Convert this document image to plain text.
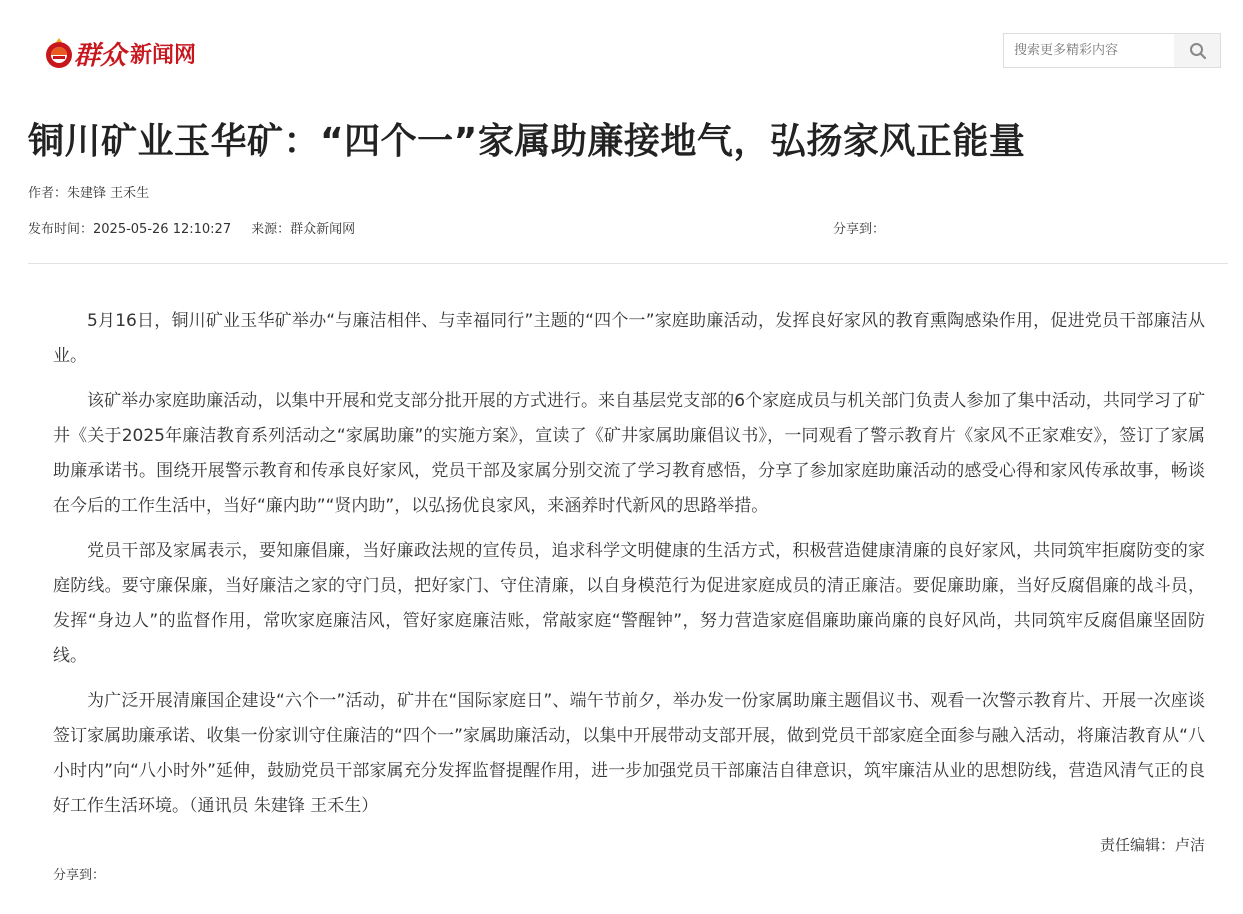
群众 新闻网
搜索更多精彩内容
铜川矿业玉华矿：“四个一”家属助廉接地气，弘扬家风正能量
作者：朱建锋 王禾生
发布时间：2025-05-26 12:10:27 来源：群众新闻网	分享到：

5月16日，铜川矿业玉华矿举办“与廉洁相伴、与幸福同行”主题的“四个一”家庭助廉活动，发挥良好家风的教育熏陶感染作用，促进党员干部廉洁从业。

该矿举办家庭助廉活动，以集中开展和党支部分批开展的方式进行。来自基层党支部的6个家庭成员与机关部门负责人参加了集中活动，共同学习了矿井《关于2025年廉洁教育系列活动之“家属助廉”的实施方案》，宣读了《矿井家属助廉倡议书》，一同观看了警示教育片《家风不正家难安》，签订了家属助廉承诺书。围绕开展警示教育和传承良好家风，党员干部及家属分别交流了学习教育感悟，分享了参加家庭助廉活动的感受心得和家风传承故事，畅谈在今后的工作生活中，当好“廉内助”“贤内助”，以弘扬优良家风，来涵养时代新风的思路举措。

党员干部及家属表示，要知廉倡廉，当好廉政法规的宣传员，追求科学文明健康的生活方式，积极营造健康清廉的良好家风，共同筑牢拒腐防变的家庭防线。要守廉保廉，当好廉洁之家的守门员，把好家门、守住清廉，以自身模范行为促进家庭成员的清正廉洁。要促廉助廉，当好反腐倡廉的战斗员，发挥“身边人”的监督作用，常吹家庭廉洁风，管好家庭廉洁账，常敲家庭“警醒钟”，努力营造家庭倡廉助廉尚廉的良好风尚，共同筑牢反腐倡廉坚固防线。

为广泛开展清廉国企建设“六个一”活动，矿井在“国际家庭日”、端午节前夕，举办发一份家属助廉主题倡议书、观看一次警示教育片、开展一次座谈签订家属助廉承诺、收集一份家训守住廉洁的“四个一”家属助廉活动，以集中开展带动支部开展，做到党员干部家庭全面参与融入活动，将廉洁教育从“八小时内”向“八小时外”延伸，鼓励党员干部家属充分发挥监督提醒作用，进一步加强党员干部廉洁自律意识，筑牢廉洁从业的思想防线，营造风清气正的良好工作生活环境。（通讯员 朱建锋 王禾生）

责任编辑：卢洁
分享到：
